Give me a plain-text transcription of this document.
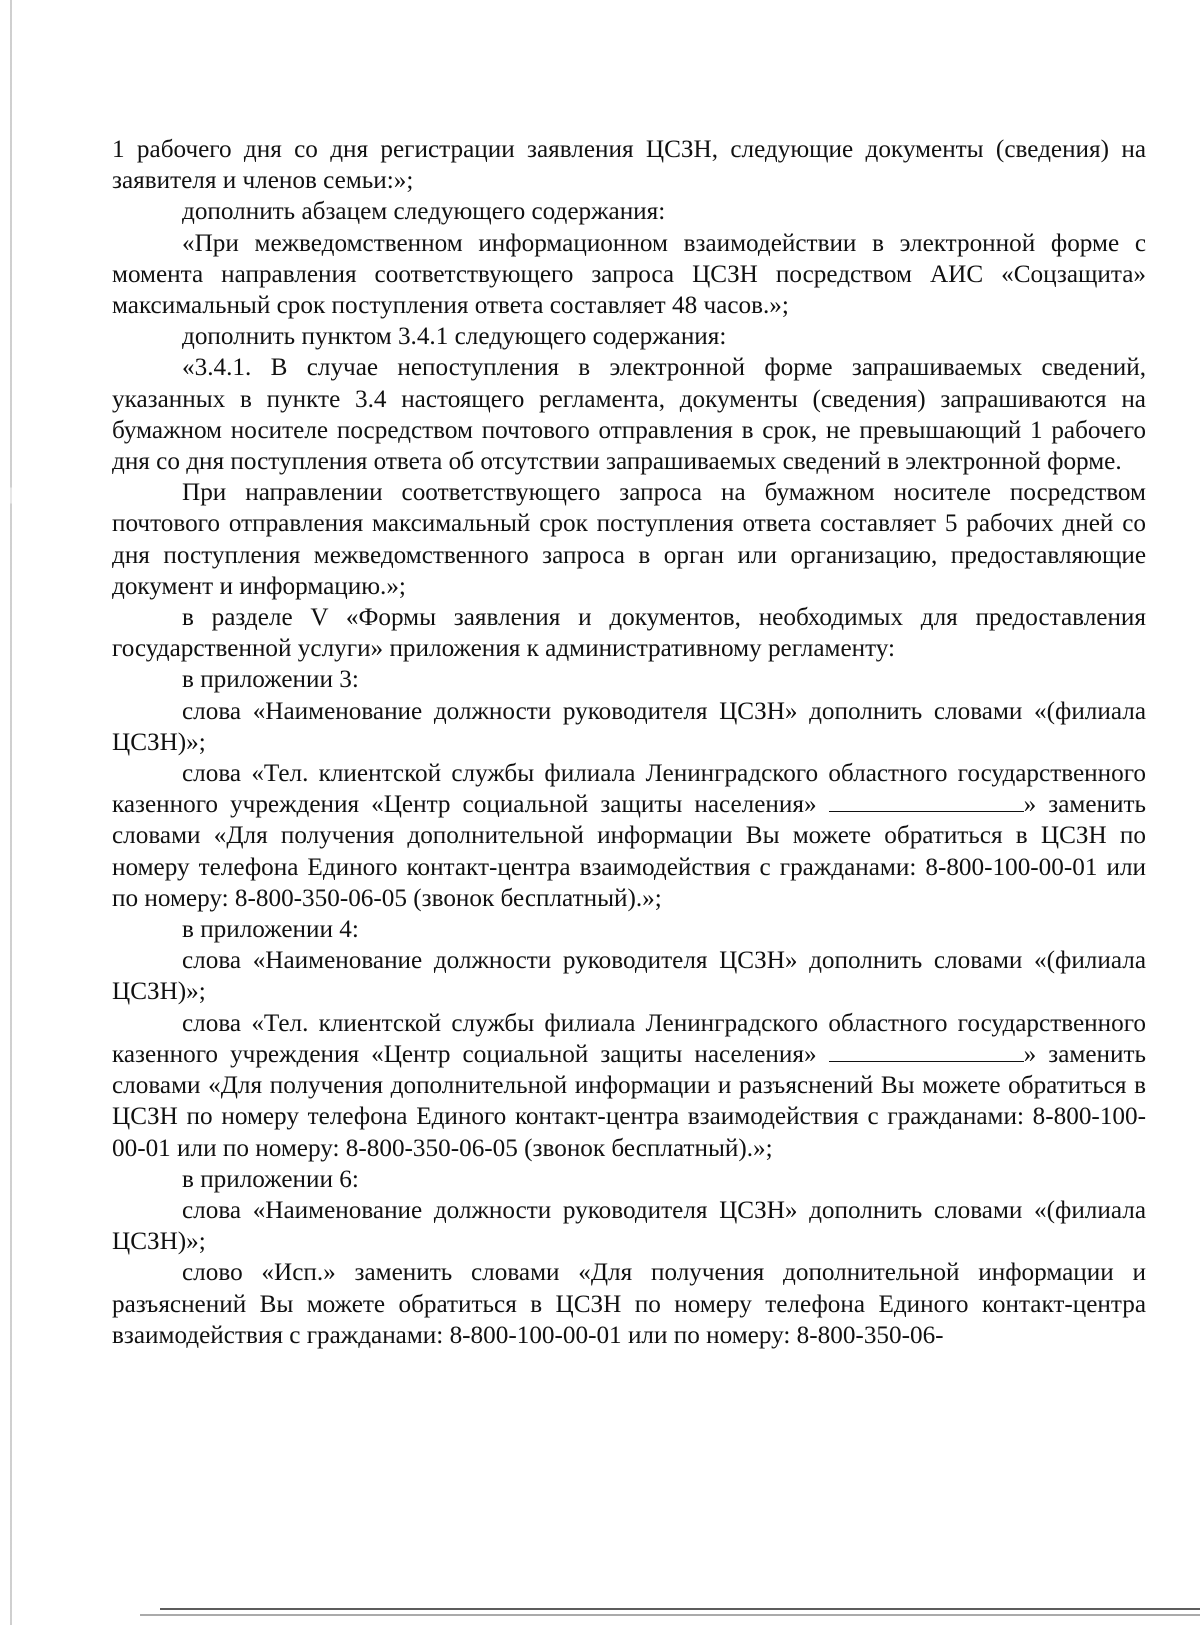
1 рабочего дня со дня регистрации заявления ЦСЗН, следующие документы (сведения) на заявителя и членов семьи:»;

дополнить абзацем следующего содержания:

«При межведомственном информационном взаимодействии в электронной форме с момента направления соответствующего запроса ЦСЗН посредством АИС «Соцзащита» максимальный срок поступления ответа составляет 48 часов.»;

дополнить пунктом 3.4.1 следующего содержания:

«3.4.1. В случае непоступления в электронной форме запрашиваемых сведений, указанных в пункте 3.4 настоящего регламента, документы (сведения) запрашиваются на бумажном носителе посредством почтового отправления в срок, не превышающий 1 рабочего дня со дня поступления ответа об отсутствии запрашиваемых сведений в электронной форме.

При направлении соответствующего запроса на бумажном носителе посредством почтового отправления максимальный срок поступления ответа составляет 5 рабочих дней со дня поступления межведомственного запроса в орган или организацию, предоставляющие документ и информацию.»;

в разделе V «Формы заявления и документов, необходимых для предоставления государственной услуги» приложения к административному регламенту:

в приложении 3:

слова «Наименование должности руководителя ЦСЗН» дополнить словами «(филиала ЦСЗН)»;

слова «Тел. клиентской службы филиала Ленинградского областного государственного казенного учреждения «Центр социальной защиты населения»	» заменить словами «Для получения дополнительной информации Вы можете обратиться в ЦСЗН по номеру телефона Единого контакт-центра взаимодействия с гражданами: 8-800-100-00-01 или по номеру: 8-800-350-06-05 (звонок бесплатный).»;

в приложении 4:

слова «Наименование должности руководителя ЦСЗН» дополнить словами «(филиала ЦСЗН)»;

слова «Тел. клиентской службы филиала Ленинградского областного государственного казенного учреждения «Центр социальной защиты населения»	» заменить словами «Для получения дополнительной информации и разъяснений Вы можете обратиться в ЦСЗН по номеру телефона Единого контакт-центра взаимодействия с гражданами: 8-800-100-00-01 или по номеру: 8-800-350-06-05 (звонок бесплатный).»;

в приложении 6:

слова «Наименование должности руководителя ЦСЗН» дополнить словами «(филиала ЦСЗН)»;

слово «Исп.» заменить словами «Для получения дополнительной информации и разъяснений Вы можете обратиться в ЦСЗН по номеру телефона Единого контакт-центра взаимодействия с гражданами: 8-800-100-00-01 или по номеру: 8-800-350-06-
